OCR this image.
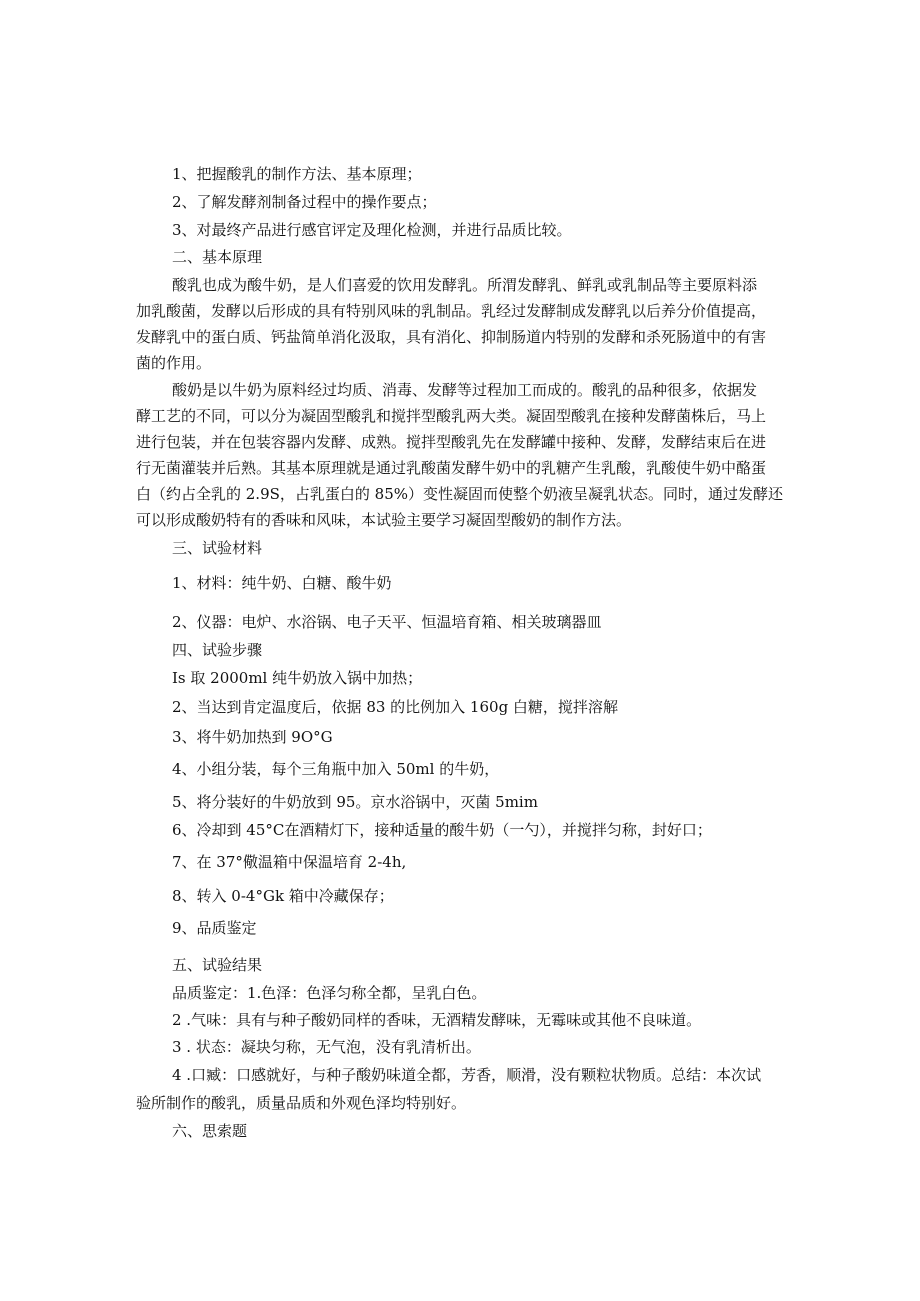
1、把握酸乳的制作方法、基本原理；
2、了解发酵剂制备过程中的操作要点；
3、对最终产品进行感官评定及理化检测，并进行品质比较。
二、基本原理
酸乳也成为酸牛奶，是人们喜爱的饮用发酵乳。所渭发酵乳、鲜乳或乳制品等主要原料添
加乳酸菌，发酵以后形成的具有特别风味的乳制品。乳经过发酵制成发酵乳以后养分价值提高，
发酵乳中的蛋白质、钙盐简单消化汲取，具有消化、抑制肠道内特别的发酵和杀死肠道中的有害
菌的作用。
酸奶是以牛奶为原料经过均质、消毒、发酵等过程加工而成的。酸乳的品种很多，依据发
酵工艺的不同，可以分为凝固型酸乳和搅拌型酸乳两大类。凝固型酸乳在接种发酵菌株后，马上
进行包装，并在包装容器内发酵、成熟。搅拌型酸乳先在发酵罐中接种、发酵，发酵结束后在进
行无菌灌装并后熟。其基本原理就是通过乳酸菌发酵牛奶中的乳糖产生乳酸，乳酸使牛奶中酪蛋
白（约占全乳的 2.9S，占乳蛋白的 85%）变性凝固而使整个奶液呈凝乳状态。同时，通过发酵还
可以形成酸奶特有的香味和风味，本试验主要学习凝固型酸奶的制作方法。
三、试验材料
1、材料：纯牛奶、白糖、酸牛奶
2、仪器：电炉、水浴锅、电子天平、恒温培育箱、相关玻璃器皿
四、试验步骤
Is 取 2000ml 纯牛奶放入锅中加热；
2、当达到肯定温度后，依据 83 的比例加入 160g 白糖，搅拌溶解
3、将牛奶加热到 9O°G
4、小组分装，每个三角瓶中加入 50ml 的牛奶，
5、将分装好的牛奶放到 95。京水浴锅中，灭菌 5mim
6、冷却到 45°C在酒精灯下，接种适量的酸牛奶（一勺），并搅拌匀称，封好口；
7、在 37°儆温箱中保温培育 2-4h,
8、转入 0-4°Gk 箱中冷藏保存；
9、品质鉴定
五、试验结果
品质鉴定：1.色泽：色泽匀称全都，呈乳白色。
2 .气味：具有与种子酸奶同样的香味，无酒精发酵味，无霉味或其他不良味道。
3 . 状态：凝块匀称，无气泡，没有乳清析出。
4 .口臧：口感就好，与种子酸奶味道全都，芳香，顺滑，没有颗粒状物质。总结：本次试
验所制作的酸乳，质量品质和外观色泽均特别好。
六、思索题
